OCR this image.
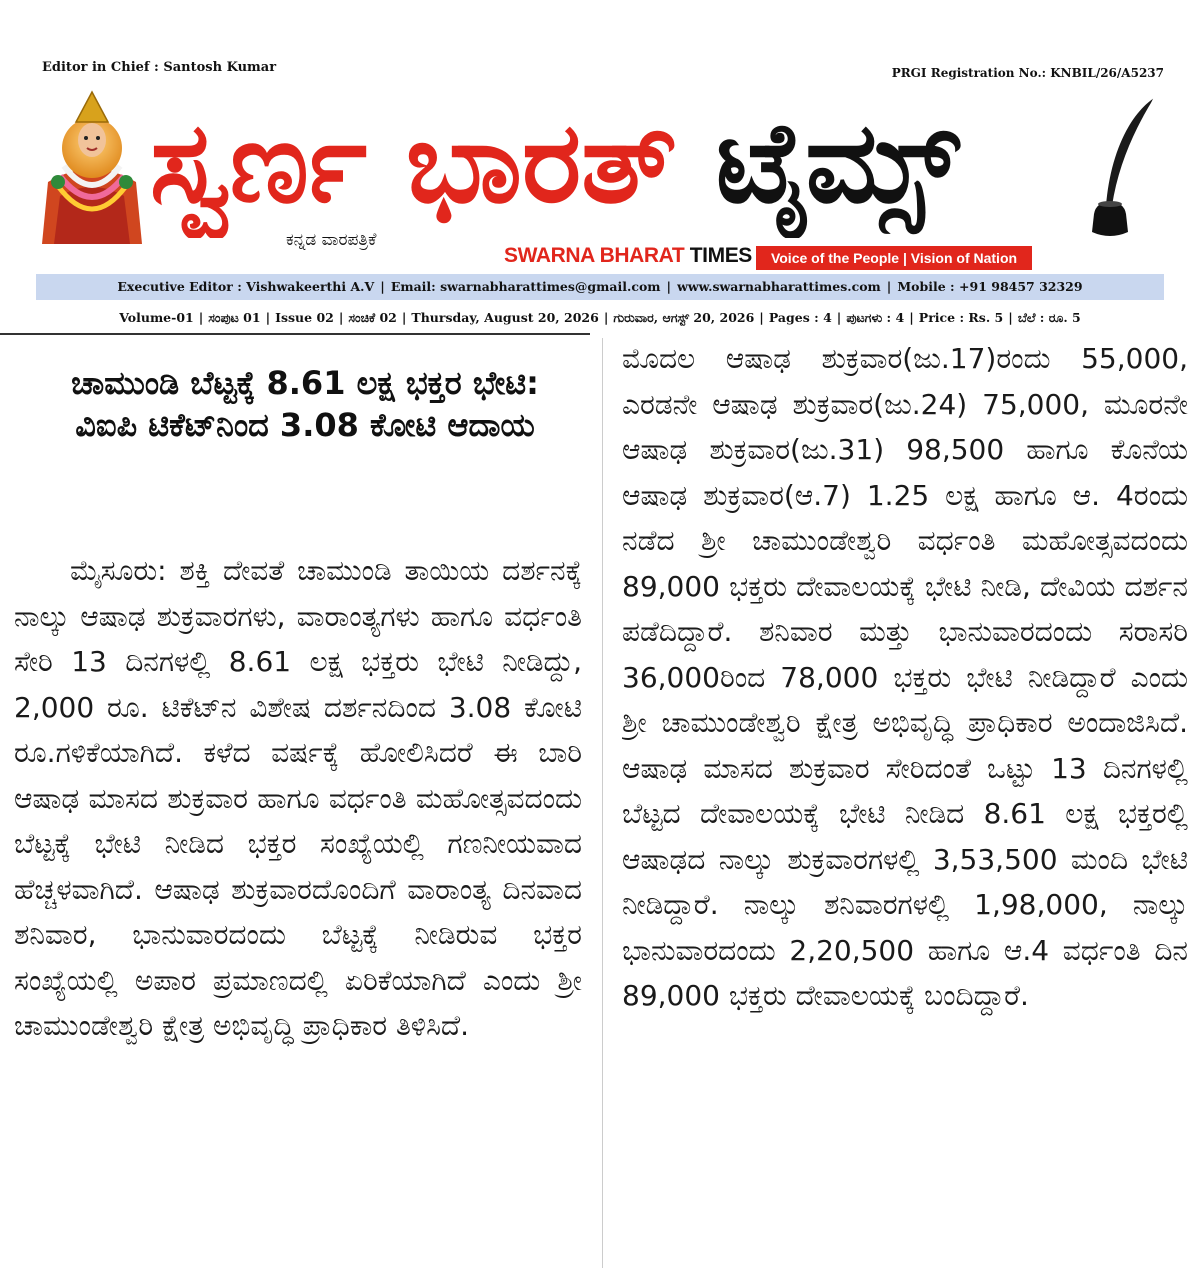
Editor in Chief : Santosh Kumar	PRGI Registration No.: KNBIL/26/A5237
ಸ್ವರ್ಣ ಭಾರತ್ ಟೈಮ್ಸ್
ಕನ್ನಡ ವಾರಪತ್ರಿಕೆ
SWARNA BHARAT TIMES	Voice of the People | Vision of Nation
Executive Editor : Vishwakeerthi A.V | Email: swarnabharattimes@gmail.com | www.swarnabharattimes.com | Mobile : +91 98457 32329
Volume-01 | ಸಂಪುಟ 01 | Issue 02 | ಸಂಚಿಕೆ 02 | Thursday, August 20, 2026 | ಗುರುವಾರ, ಆಗಸ್ಟ್ 20, 2026 | Pages : 4 | ಪುಟಗಳು : 4 | Price : Rs. 5 | ಬೆಲೆ : ರೂ. 5
ಚಾಮುಂಡಿ ಬೆಟ್ಟಕ್ಕೆ 8.61 ಲಕ್ಷ ಭಕ್ತರ ಭೇಟಿ:
ವಿಐಪಿ ಟಿಕೆಟ್‌ನಿಂದ 3.08 ಕೋಟಿ ಆದಾಯ
ಮೈಸೂರು: ಶಕ್ತಿ ದೇವತೆ ಚಾಮುಂಡಿ ತಾಯಿಯ ದರ್ಶನಕ್ಕೆ ನಾಲ್ಕು ಆಷಾಢ ಶುಕ್ರವಾರಗಳು, ವಾರಾಂತ್ಯಗಳು ಹಾಗೂ ವರ್ಧಂತಿ ಸೇರಿ 13 ದಿನಗಳಲ್ಲಿ 8.61 ಲಕ್ಷ ಭಕ್ತರು ಭೇಟಿ ನೀಡಿದ್ದು, 2,000 ರೂ. ಟಿಕೆಟ್‌ನ ವಿಶೇಷ ದರ್ಶನದಿಂದ 3.08 ಕೋಟಿ ರೂ.ಗಳಿಕೆಯಾಗಿದೆ. ಕಳೆದ ವರ್ಷಕ್ಕೆ ಹೋಲಿಸಿದರೆ ಈ ಬಾರಿ ಆಷಾಢ ಮಾಸದ ಶುಕ್ರವಾರ ಹಾಗೂ ವರ್ಧಂತಿ ಮಹೋತ್ಸವದಂದು ಬೆಟ್ಟಕ್ಕೆ ಭೇಟಿ ನೀಡಿದ ಭಕ್ತರ ಸಂಖ್ಯೆಯಲ್ಲಿ ಗಣನೀಯವಾದ ಹೆಚ್ಚಳವಾಗಿದೆ. ಆಷಾಢ ಶುಕ್ರವಾರದೊಂದಿಗೆ ವಾರಾಂತ್ಯ ದಿನವಾದ ಶನಿವಾರ, ಭಾನುವಾರದಂದು ಬೆಟ್ಟಕ್ಕೆ ನೀಡಿರುವ ಭಕ್ತರ ಸಂಖ್ಯೆಯಲ್ಲಿ ಅಪಾರ ಪ್ರಮಾಣದಲ್ಲಿ ಏರಿಕೆಯಾಗಿದೆ ಎಂದು ಶ್ರೀ ಚಾಮುಂಡೇಶ್ವರಿ ಕ್ಷೇತ್ರ ಅಭಿವೃದ್ಧಿ ಪ್ರಾಧಿಕಾರ ತಿಳಿಸಿದೆ.
ಮೊದಲ ಆಷಾಢ ಶುಕ್ರವಾರ(ಜು.17)ರಂದು 55,000, ಎರಡನೇ ಆಷಾಢ ಶುಕ್ರವಾರ(ಜು.24) 75,000, ಮೂರನೇ ಆಷಾಢ ಶುಕ್ರವಾರ(ಜು.31) 98,500 ಹಾಗೂ ಕೊನೆಯ ಆಷಾಢ ಶುಕ್ರವಾರ(ಆ.7) 1.25 ಲಕ್ಷ ಹಾಗೂ ಆ. 4ರಂದು ನಡೆದ ಶ್ರೀ ಚಾಮುಂಡೇಶ್ವರಿ ವರ್ಧಂತಿ ಮಹೋತ್ಸವದಂದು 89,000 ಭಕ್ತರು ದೇವಾಲಯಕ್ಕೆ ಭೇಟಿ ನೀಡಿ, ದೇವಿಯ ದರ್ಶನ ಪಡೆದಿದ್ದಾರೆ. ಶನಿವಾರ ಮತ್ತು ಭಾನುವಾರದಂದು ಸರಾಸರಿ 36,000ರಿಂದ 78,000 ಭಕ್ತರು ಭೇಟಿ ನೀಡಿದ್ದಾರೆ ಎಂದು ಶ್ರೀ ಚಾಮುಂಡೇಶ್ವರಿ ಕ್ಷೇತ್ರ ಅಭಿವೃದ್ಧಿ ಪ್ರಾಧಿಕಾರ ಅಂದಾಜಿಸಿದೆ. ಆಷಾಢ ಮಾಸದ ಶುಕ್ರವಾರ ಸೇರಿದಂತೆ ಒಟ್ಟು 13 ದಿನಗಳಲ್ಲಿ ಬೆಟ್ಟದ ದೇವಾಲಯಕ್ಕೆ ಭೇಟಿ ನೀಡಿದ 8.61 ಲಕ್ಷ ಭಕ್ತರಲ್ಲಿ ಆಷಾಢದ ನಾಲ್ಕು ಶುಕ್ರವಾರಗಳಲ್ಲಿ 3,53,500 ಮಂದಿ ಭೇಟಿ ನೀಡಿದ್ದಾರೆ. ನಾಲ್ಕು ಶನಿವಾರಗಳಲ್ಲಿ 1,98,000, ನಾಲ್ಕು ಭಾನುವಾರದಂದು 2,20,500 ಹಾಗೂ ಆ.4 ವರ್ಧಂತಿ ದಿನ 89,000 ಭಕ್ತರು ದೇವಾಲಯಕ್ಕೆ ಬಂದಿದ್ದಾರೆ.
